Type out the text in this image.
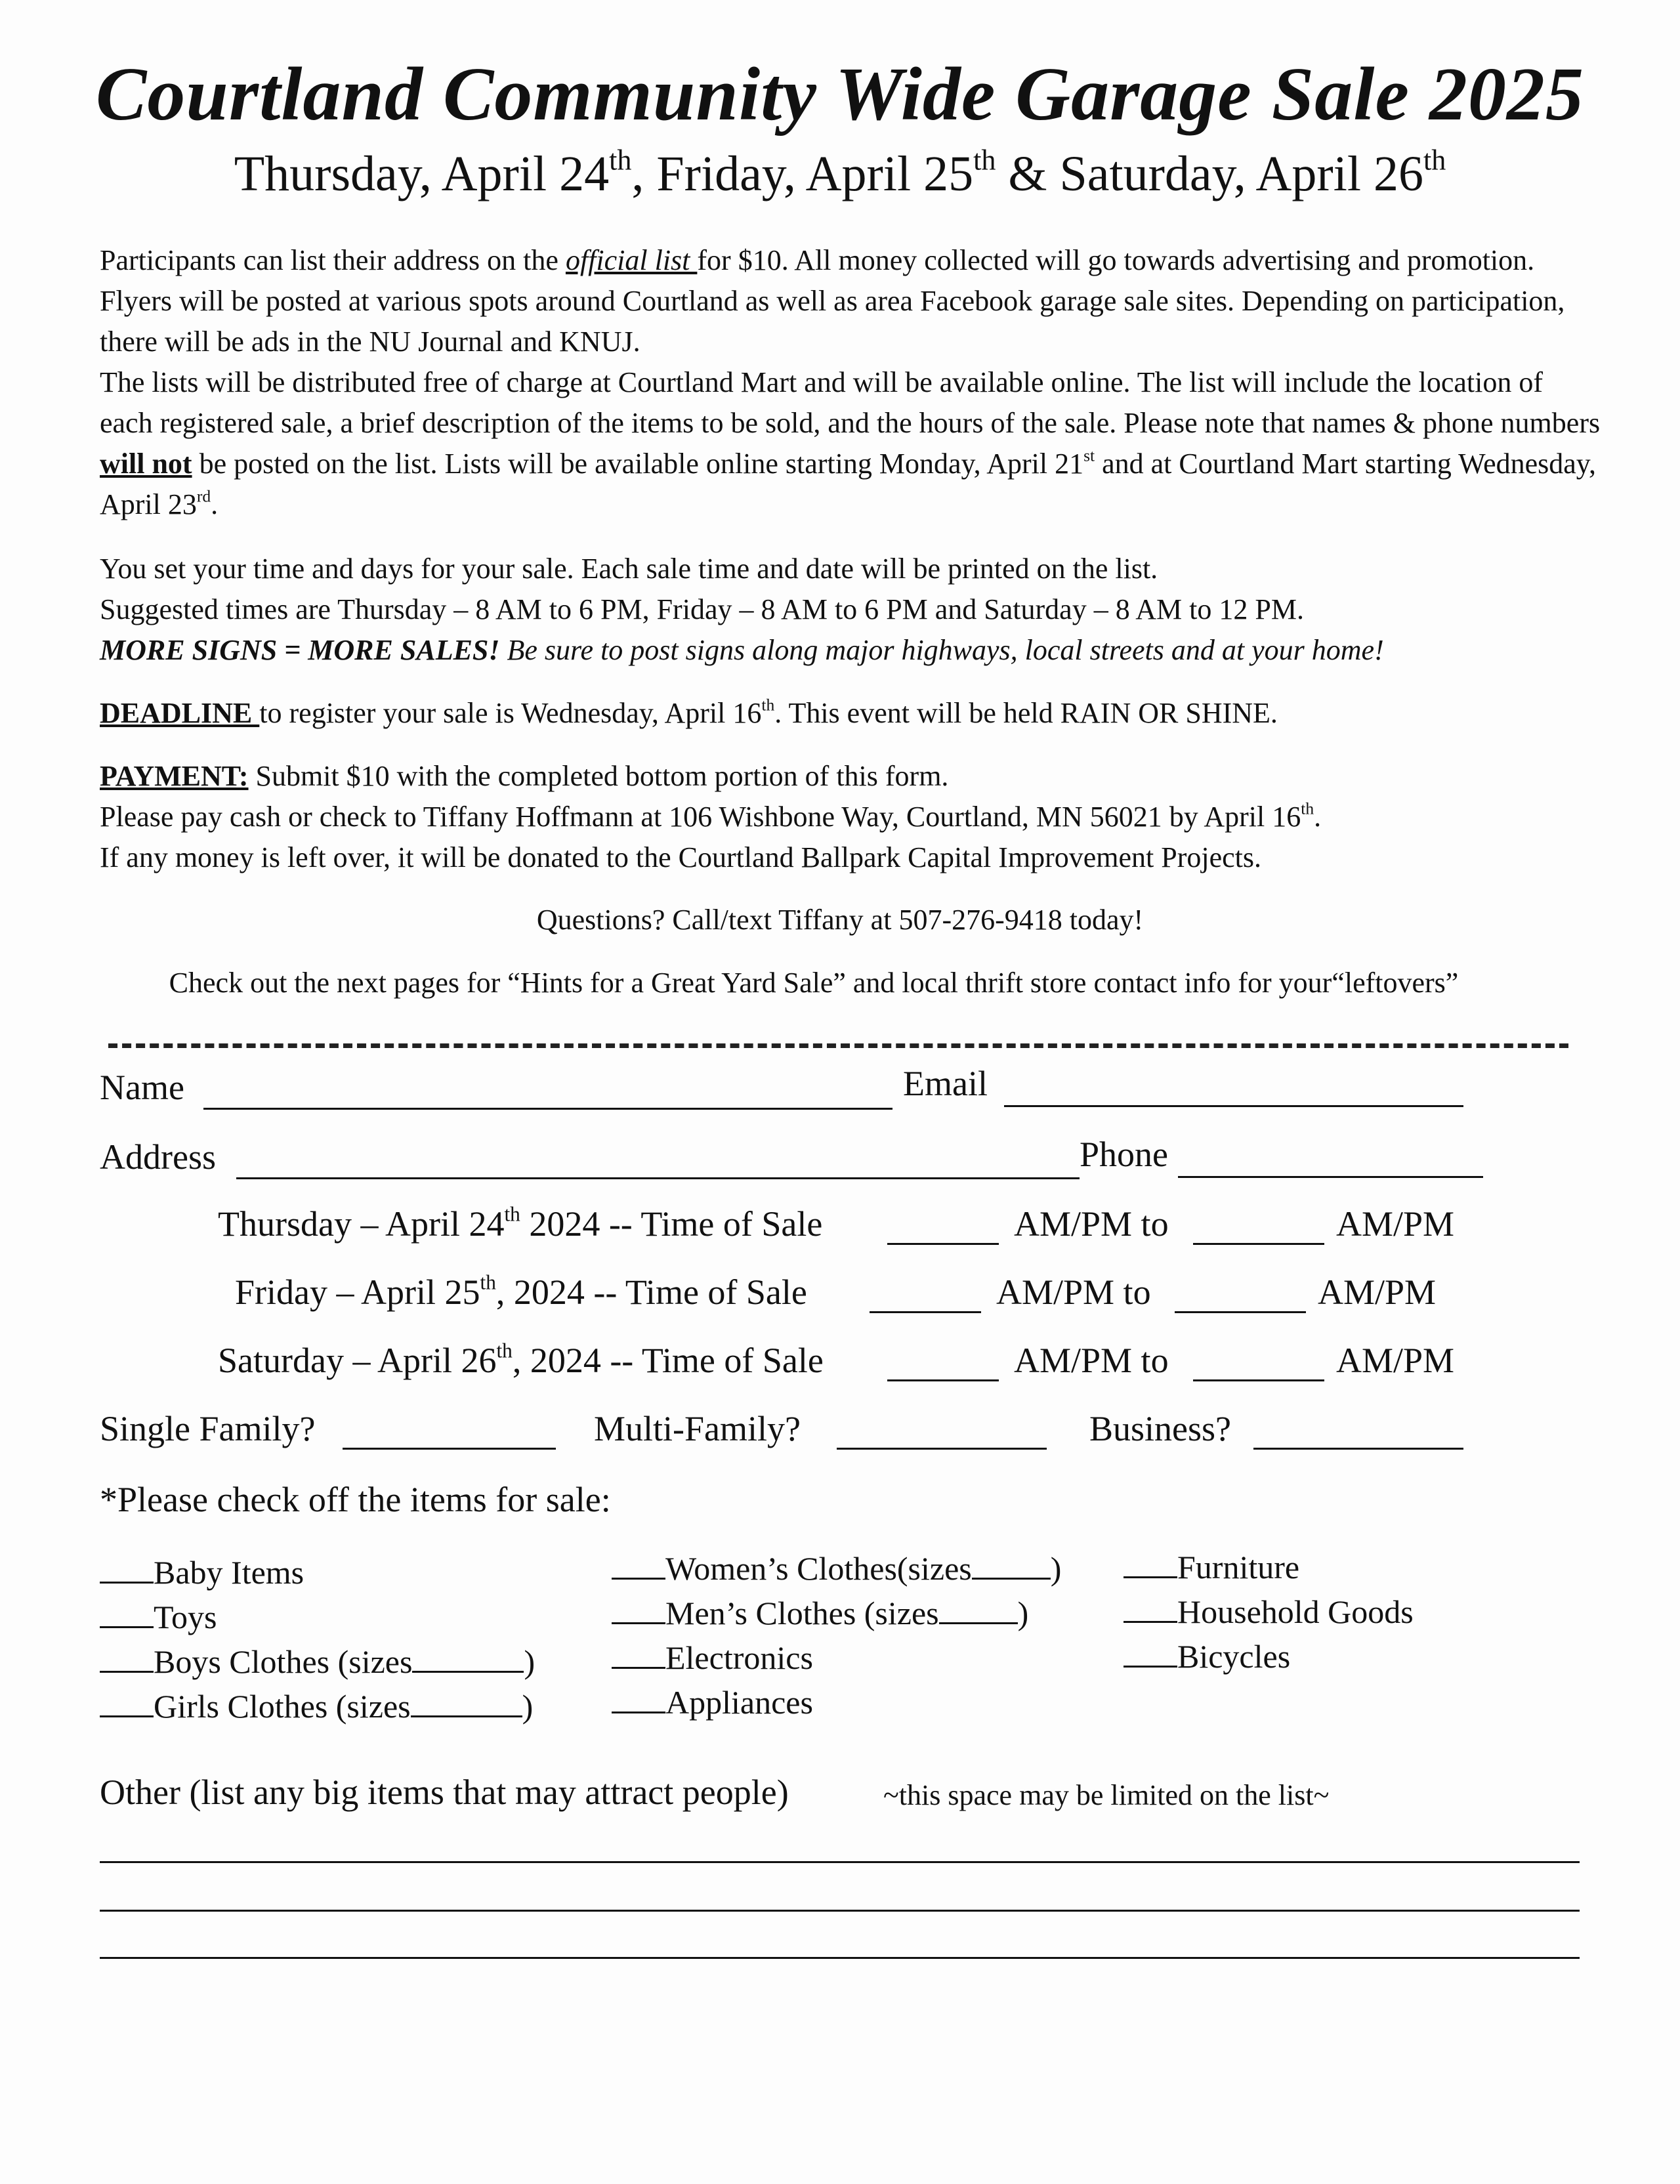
Courtland Community Wide Garage Sale 2025
Thursday, April 24th, Friday, April 25th & Saturday, April 26th

Participants can list their address on the official list for $10. All money collected will go towards advertising and promotion. Flyers will be posted at various spots around Courtland as well as area Facebook garage sale sites. Depending on participation, there will be ads in the NU Journal and KNUJ.

The lists will be distributed free of charge at Courtland Mart and will be available online. The list will include the location of each registered sale, a brief description of the items to be sold, and the hours of the sale. Please note that names & phone numbers will not be posted on the list. Lists will be available online starting Monday, April 21st and at Courtland Mart starting Wednesday, April 23rd.

You set your time and days for your sale. Each sale time and date will be printed on the list.

Suggested times are Thursday – 8 AM to 6 PM, Friday – 8 AM to 6 PM and Saturday – 8 AM to 12 PM.

MORE SIGNS = MORE SALES! Be sure to post signs along major highways, local streets and at your home!

DEADLINE to register your sale is Wednesday, April 16th. This event will be held RAIN OR SHINE.

PAYMENT: Submit $10 with the completed bottom portion of this form.

Please pay cash or check to Tiffany Hoffmann at 106 Wishbone Way, Courtland, MN 56021 by April 16th.

If any money is left over, it will be donated to the Courtland Ballpark Capital Improvement Projects.

Questions? Call/text Tiffany at 507-276-9418 today!

Check out the next pages for “Hints for a Great Yard Sale” and local thrift store contact info for your“leftovers”

Name	Email
Address	Phone
Thursday – April 24th 2024 -- Time of Sale	AM/PM to	AM/PM
Friday – April 25th, 2024 -- Time of Sale	AM/PM to	AM/PM
Saturday – April 26th, 2024 -- Time of Sale	AM/PM to	AM/PM
Single Family?	Multi-Family?	Business?
*Please check off the items for sale:
Baby Items
Toys
Boys Clothes (sizes	)
Girls Clothes (sizes	)
Women’s Clothes(sizes )
Men’s Clothes (sizes )
Electronics
Appliances
Furniture
Household Goods
Bicycles
Other (list any big items that may attract people)	~this space may be limited on the list~
